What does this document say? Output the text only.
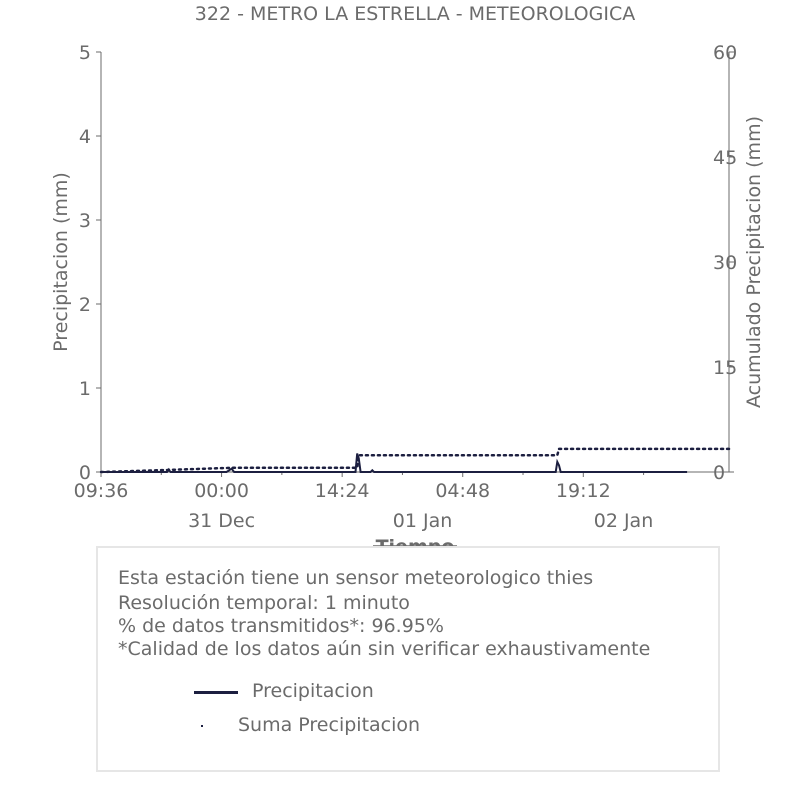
322 - METRO LA ESTRELLA - METEOROLOGICA
Precipitacion (mm)	Acumulado Precipitacion (mm)
0
1
2
3
4
5
0
15
30
45
60
09:36	00:00	14:24	04:48	19:12
31 Dec	01 Jan	02 Jan
Esta estación tiene un sensor meteorologico thies
Resolución temporal: 1 minuto
% de datos transmitidos*: 96.95%
*Calidad de los datos aún sin verificar exhaustivamente
Precipitacion
Suma Precipitacion
